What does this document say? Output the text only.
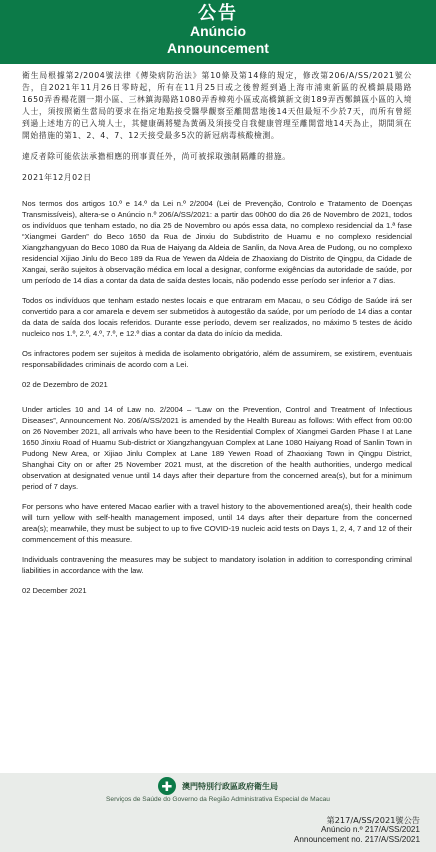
公告
Anúncio
Announcement

衛生局根據第2/2004號法律《傳染病防治法》第10條及第14條的規定，修改第206/A/SS/2021號公告，自2021年11月26日零時起，所有在11月25日或之後曾經到過上海市浦東新區的祝橋鎮晨陽路1650弄香楊花園一期小區、三林鎮海陽路1080弄香樟苑小區或高橋鎮新文街189弄西鄭鎮區小區的入境人士，須按照衛生當局的要求在指定地點接受醫學觀察至離開當地後14天但最短不少於7天，而所有曾經到過上述地方的已入境人士，其健康碼將變為黃碼及須接受自我健康管理至離開當地14天為止，期間須在開始措施的第1、2、4、7、12天接受最多5次的新冠病毒核酸檢測。

違反者除可能依法承擔相應的刑事責任外，尚可被採取強制隔離的措施。

2021年12月02日

Nos termos dos artigos 10.º e 14.º da Lei n.º 2/2004 (Lei de Prevenção, Controlo e Tratamento de Doenças Transmissíveis), altera-se o Anúncio n.º 206/A/SS/2021: a partir das 00h00 do dia 26 de Novembro de 2021, todos os indivíduos que tenham estado, no dia 25 de Novembro ou após essa data, no complexo residencial da 1.ª fase “Xiangmei Garden” do Beco 1650 da Rua de Jinxiu do Subdistrito de Huamu e no complexo residencial Xiangzhangyuan do Beco 1080 da Rua de Haiyang da Aldeia de Sanlin, da Nova Area de Pudong, ou no complexo residencial Xijiao Jinlu do Beco 189 da Rua de Yewen da Aldeia de Zhaoxiang do Distrito de Qingpu, da Cidade de Xangai, serão sujeitos à observação médica em local a designar, conforme exigências da autoridade de saúde, por um período de 14 dias a contar da data de saída destes locais, não podendo esse período ser inferior a 7 dias.

Todos os indivíduos que tenham estado nestes locais e que entraram em Macau, o seu Código de Saúde irá ser convertido para a cor amarela e devem ser submetidos à autogestão da saúde, por um período de 14 dias a contar da data de saída dos locais referidos. Durante esse período, devem ser realizados, no máximo 5 testes de ácido nucleico nos 1.º, 2.º, 4.º, 7.º, e 12.º dias a contar da data do início da medida.

Os infractores podem ser sujeitos à medida de isolamento obrigatório, além de assumirem, se existirem, eventuais responsabilidades criminais de acordo com a Lei.

02 de Dezembro de 2021

Under articles 10 and 14 of Law no. 2/2004 – “Law on the Prevention, Control and Treatment of Infectious Diseases”, Announcement No. 206/A/SS/2021 is amended by the Health Bureau as follows: With effect from 00:00 on 26 November 2021, all arrivals who have been to the Residential Complex of Xiangmei Garden Phase I at Lane 1650 Jinxiu Road of Huamu Sub-district or Xiangzhangyuan Complex at Lane 1080 Haiyang Road of Sanlin Town in Pudong New Area, or Xijiao Jinlu Complex at Lane 189 Yewen Road of Zhaoxiang Town in Qingpu District, Shanghai City on or after 25 November 2021 must, at the discretion of the health authorities, undergo medical observation at designated venue until 14 days after their departure from the concerned area(s), but for a minimum period of 7 days.

For persons who have entered Macao earlier with a travel history to the abovementioned area(s), their health code will turn yellow with self-health management imposed, until 14 days after their departure from the concerned area(s); meanwhile, they must be subject to up to five COVID-19 nucleic acid tests on Days 1, 2, 4, 7 and 12 of their commencement of this measure.

Individuals contravening the measures may be subject to mandatory isolation in addition to corresponding criminal liabilities in accordance with the law.

02 December 2021

✚ 澳門特別行政區政府衛生局
Serviços de Saúde do Governo da Região Administrativa Especial de Macau
第217/A/SS/2021號公告
Anúncio n.º 217/A/SS/2021
Announcement no. 217/A/SS/2021
